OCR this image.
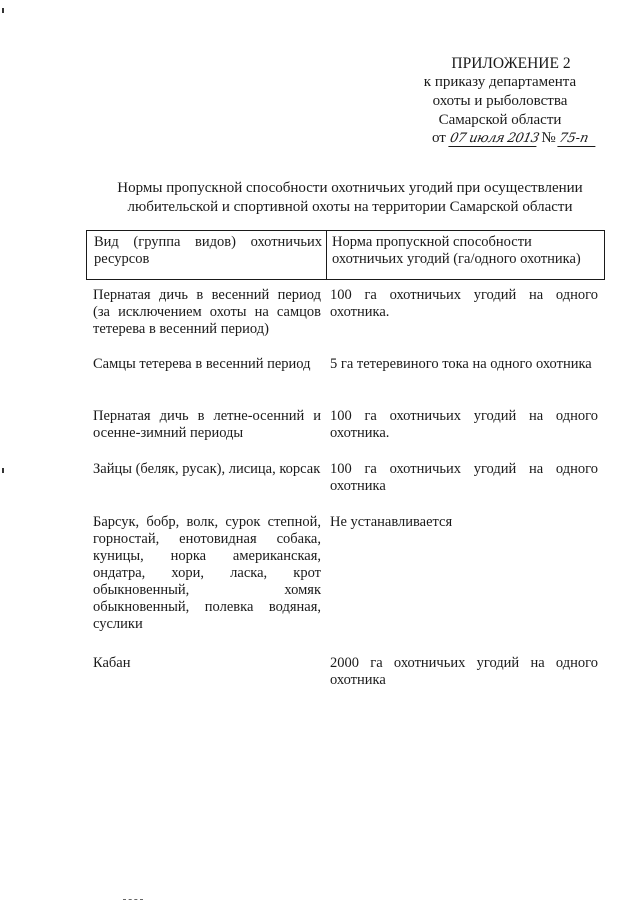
ПРИЛОЖЕНИЕ 2
к приказу департамента
охоты и рыболовства
Самарской области
от 07 июля 2013 № 75-п
Нормы пропускной способности охотничьих угодий при осуществлении
любительской и спортивной охоты на территории Самарской области
Вид (группа видов) охотничьих ресурсов
Норма пропускной способности охотничьих угодий (га/одного охотника)
Пернатая дичь в весенний период (за исключением охоты на самцов тетерева в весенний период)
100 га охотничьих угодий на одного охотника.
Самцы тетерева в весенний период	5 га тетеревиного тока на одного охотника
Пернатая дичь в летне-осенний и осенне-зимний периоды
100 га охотничьих угодий на одного охотника.
Зайцы (беляк, русак), лисица, корсак 100 га охотничьих угодий на одного охотника
Барсук, бобр, волк, сурок степной, горностай, енотовидная собака, куницы, норка американская, ондатра, хори, ласка, крот обыкновенный, хомяк обыкновенный, полевка водяная, суслики
Не устанавливается
Кабан	2000 га охотничьих угодий на одного охотника
